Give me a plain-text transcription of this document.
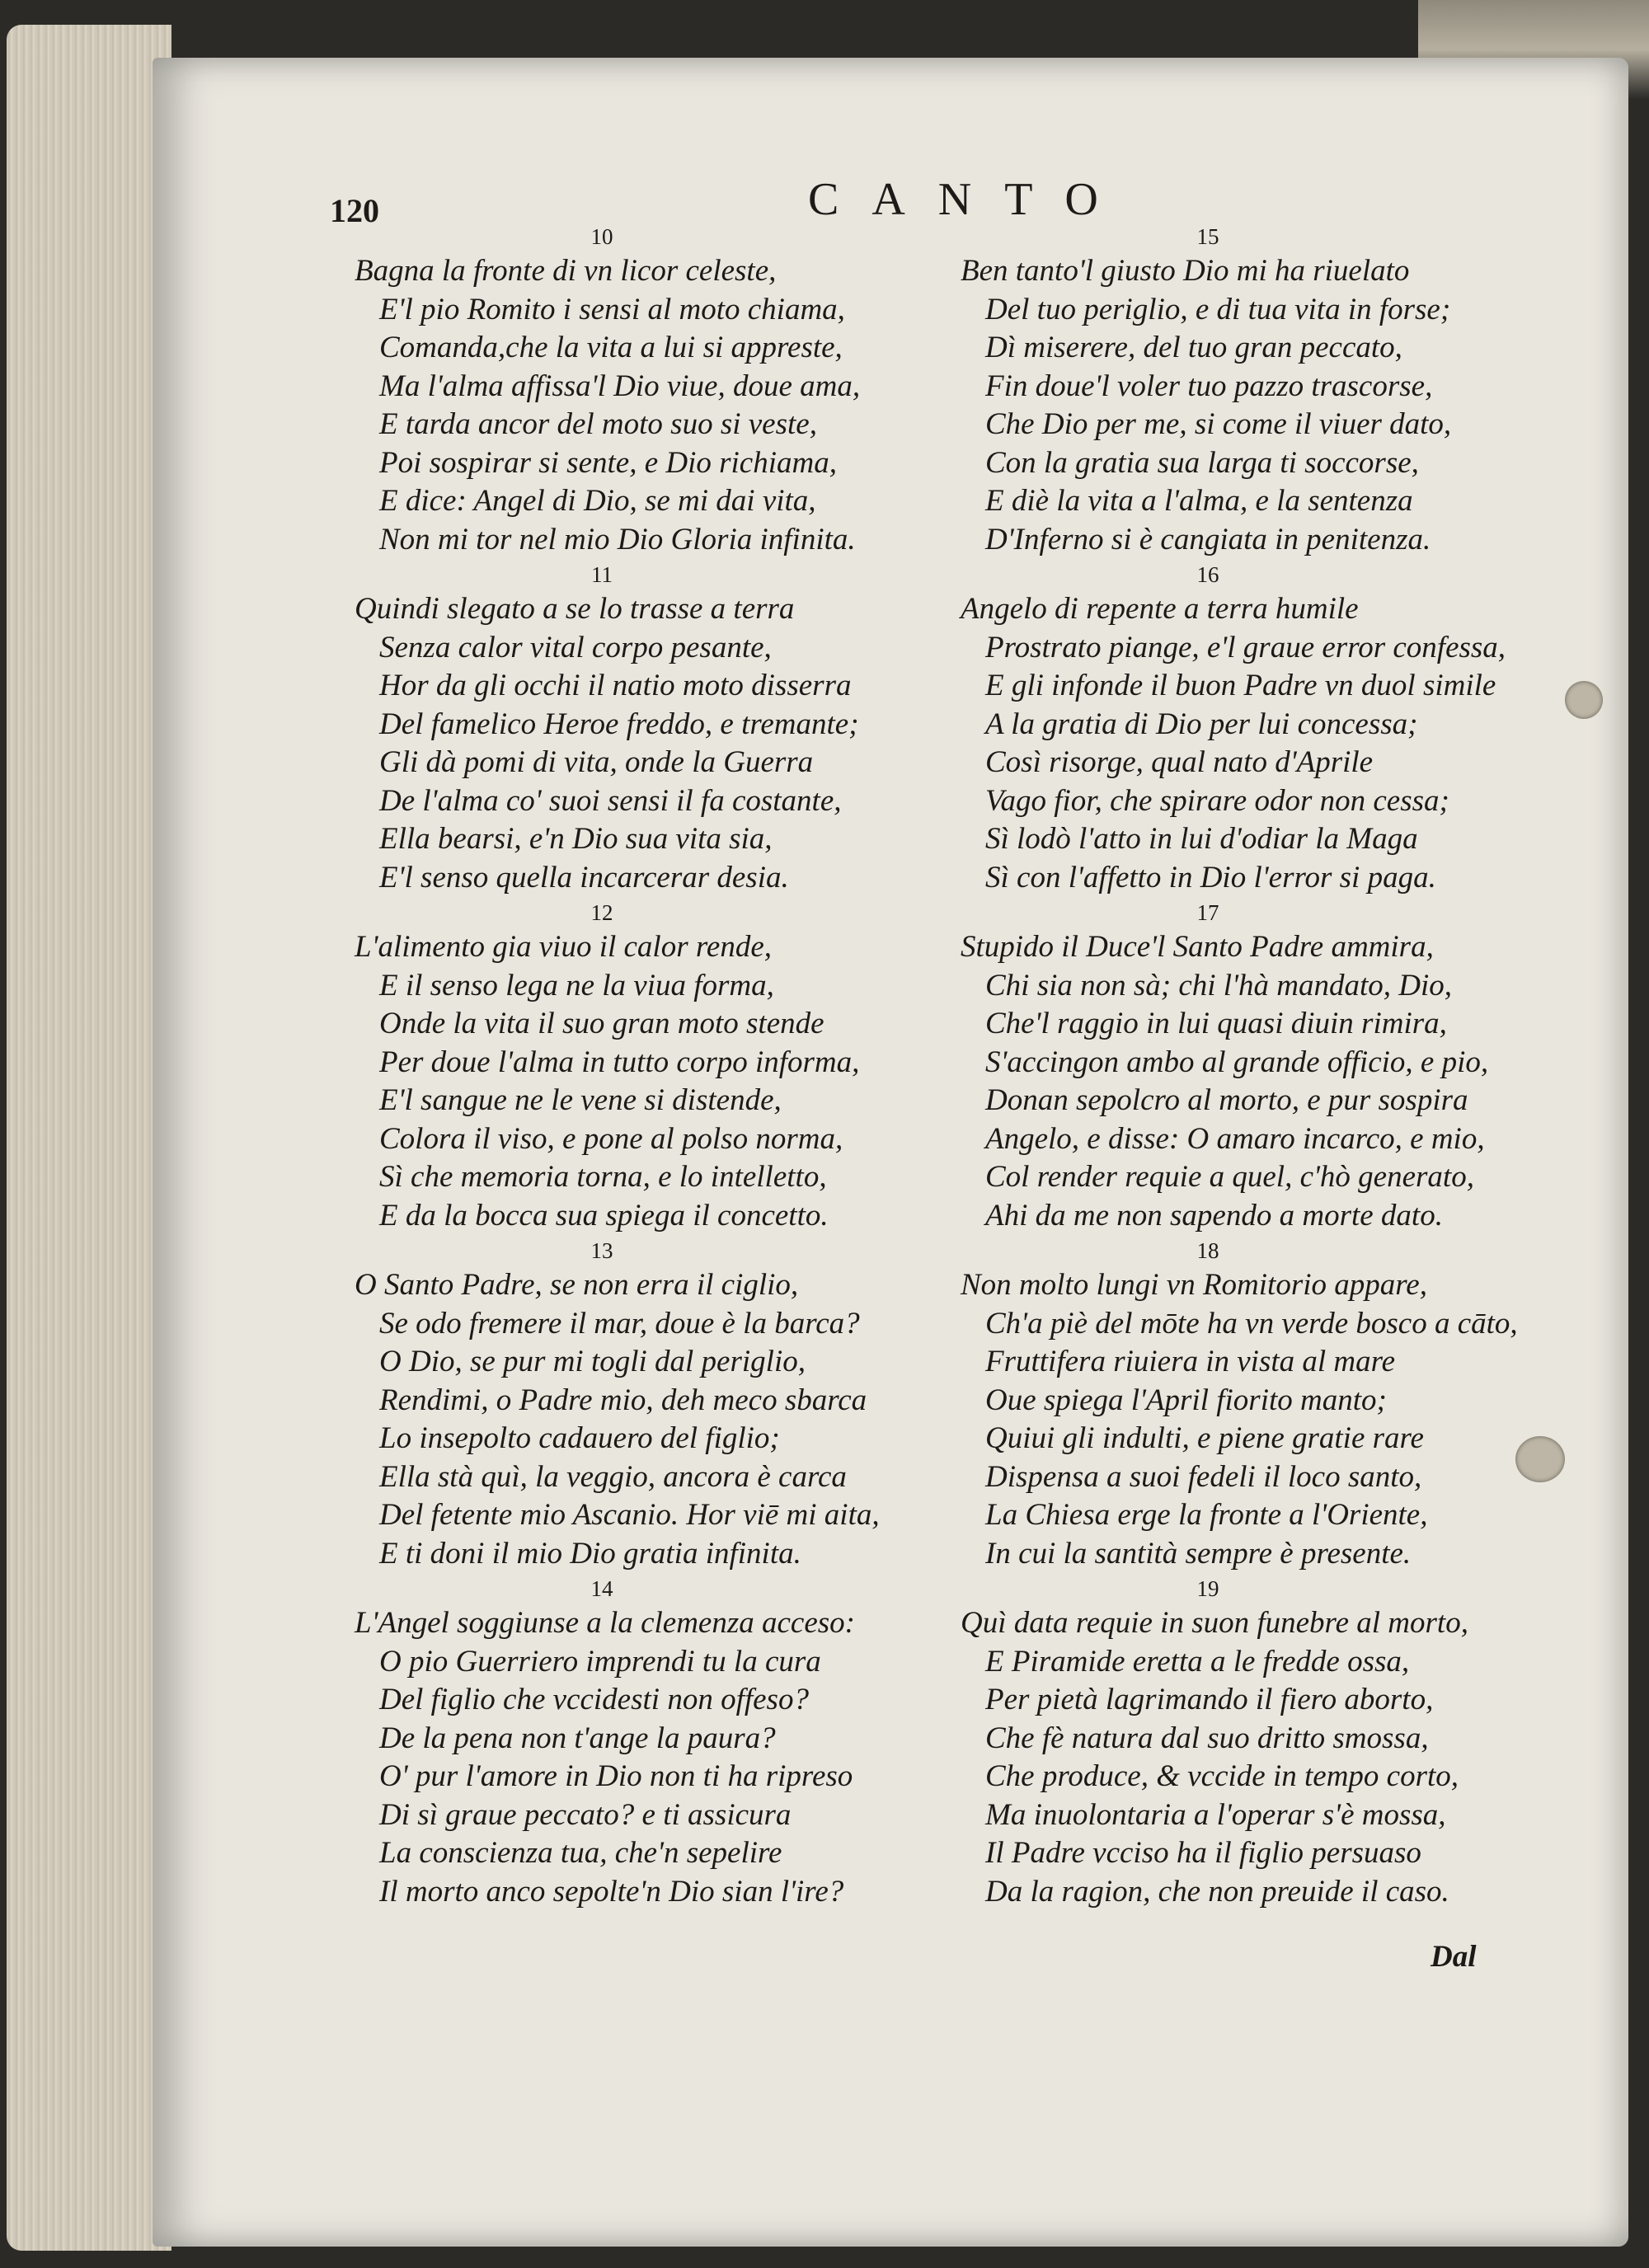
120	CANTO
10
Bagna la fronte di vn licor celeste,
E'l pio Romito i sensi al moto chiama,
Comanda,che la vita a lui si appreste,
Ma l'alma affissa'l Dio viue, doue ama,
E tarda ancor del moto suo si veste,
Poi sospirar si sente, e Dio richiama,
E dice: Angel di Dio, se mi dai vita,
Non mi tor nel mio Dio Gloria infinita.
11
Quindi slegato a se lo trasse a terra
Senza calor vital corpo pesante,
Hor da gli occhi il natio moto disserra
Del famelico Heroe freddo, e tremante;
Gli dà pomi di vita, onde la Guerra
De l'alma co' suoi sensi il fa costante,
Ella bearsi, e'n Dio sua vita sia,
E'l senso quella incarcerar desia.
12
L'alimento gia viuo il calor rende,
E il senso lega ne la viua forma,
Onde la vita il suo gran moto stende
Per doue l'alma in tutto corpo informa,
E'l sangue ne le vene si distende,
Colora il viso, e pone al polso norma,
Sì che memoria torna, e lo intelletto,
E da la bocca sua spiega il concetto.
13
O Santo Padre, se non erra il ciglio,
Se odo fremere il mar, doue è la barca?
O Dio, se pur mi togli dal periglio,
Rendimi, o Padre mio, deh meco sbarca
Lo insepolto cadauero del figlio;
Ella stà quì, la veggio, ancora è carca
Del fetente mio Ascanio. Hor viē mi aita,
E ti doni il mio Dio gratia infinita.
14
L'Angel soggiunse a la clemenza acceso:
O pio Guerriero imprendi tu la cura
Del figlio che vccidesti non offeso?
De la pena non t'ange la paura?
O' pur l'amore in Dio non ti ha ripreso
Di sì graue peccato? e ti assicura
La conscienza tua, che'n sepelire
Il morto anco sepolte'n Dio sian l'ire?
15
Ben tanto'l giusto Dio mi ha riuelato
Del tuo periglio, e di tua vita in forse;
Dì miserere, del tuo gran peccato,
Fin doue'l voler tuo pazzo trascorse,
Che Dio per me, si come il viuer dato,
Con la gratia sua larga ti soccorse,
E diè la vita a l'alma, e la sentenza
D'Inferno si è cangiata in penitenza.
16
Angelo di repente a terra humile
Prostrato piange, e'l graue error confessa,
E gli infonde il buon Padre vn duol simile
A la gratia di Dio per lui concessa;
Così risorge, qual nato d'Aprile
Vago fior, che spirare odor non cessa;
Sì lodò l'atto in lui d'odiar la Maga
Sì con l'affetto in Dio l'error si paga.
17
Stupido il Duce'l Santo Padre ammira,
Chi sia non sà; chi l'hà mandato, Dio,
Che'l raggio in lui quasi diuin rimira,
S'accingon ambo al grande officio, e pio,
Donan sepolcro al morto, e pur sospira
Angelo, e disse: O amaro incarco, e mio,
Col render requie a quel, c'hò generato,
Ahi da me non sapendo a morte dato.
18
Non molto lungi vn Romitorio appare,
Ch'a piè del mōte ha vn verde bosco a cāto,
Fruttifera riuiera in vista al mare
Oue spiega l'April fiorito manto;
Quiui gli indulti, e piene gratie rare
Dispensa a suoi fedeli il loco santo,
La Chiesa erge la fronte a l'Oriente,
In cui la santità sempre è presente.
19
Quì data requie in suon funebre al morto,
E Piramide eretta a le fredde ossa,
Per pietà lagrimando il fiero aborto,
Che fè natura dal suo dritto smossa,
Che produce, & vccide in tempo corto,
Ma inuolontaria a l'operar s'è mossa,
Il Padre vcciso ha il figlio persuaso
Da la ragion, che non preuide il caso.
Dal
